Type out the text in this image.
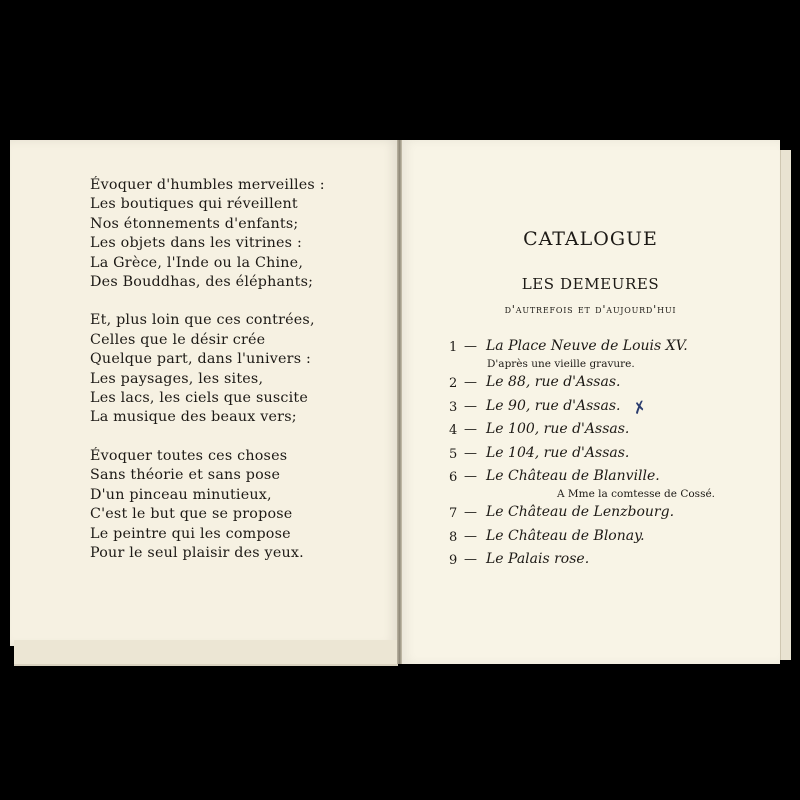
Évoquer d'humbles merveilles :
Les boutiques qui réveillent
Nos étonnements d'enfants;
Les objets dans les vitrines :
La Grèce, l'Inde ou la Chine,
Des Bouddhas, des éléphants;
Et, plus loin que ces contrées,
Celles que le désir crée
Quelque part, dans l'univers :
Les paysages, les sites,
Les lacs, les ciels que suscite
La musique des beaux vers;
Évoquer toutes ces choses
Sans théorie et sans pose
D'un pinceau minutieux,
C'est le but que se propose
Le peintre qui les compose
Pour le seul plaisir des yeux.
CATALOGUE
LES DEMEURES
d'autrefois et d'aujourd'hui
1 — La Place Neuve de Louis XV.
D'après une vieille gravure.
2 — Le 88, rue d'Assas.
3 — Le 90, rue d'Assas.
4 — Le 100, rue d'Assas.
5 — Le 104, rue d'Assas.
6 — Le Château de Blanville.
A Mme la comtesse de Cossé.
7 — Le Château de Lenzbourg.
8 — Le Château de Blonay.
9 — Le Palais rose.
✗
